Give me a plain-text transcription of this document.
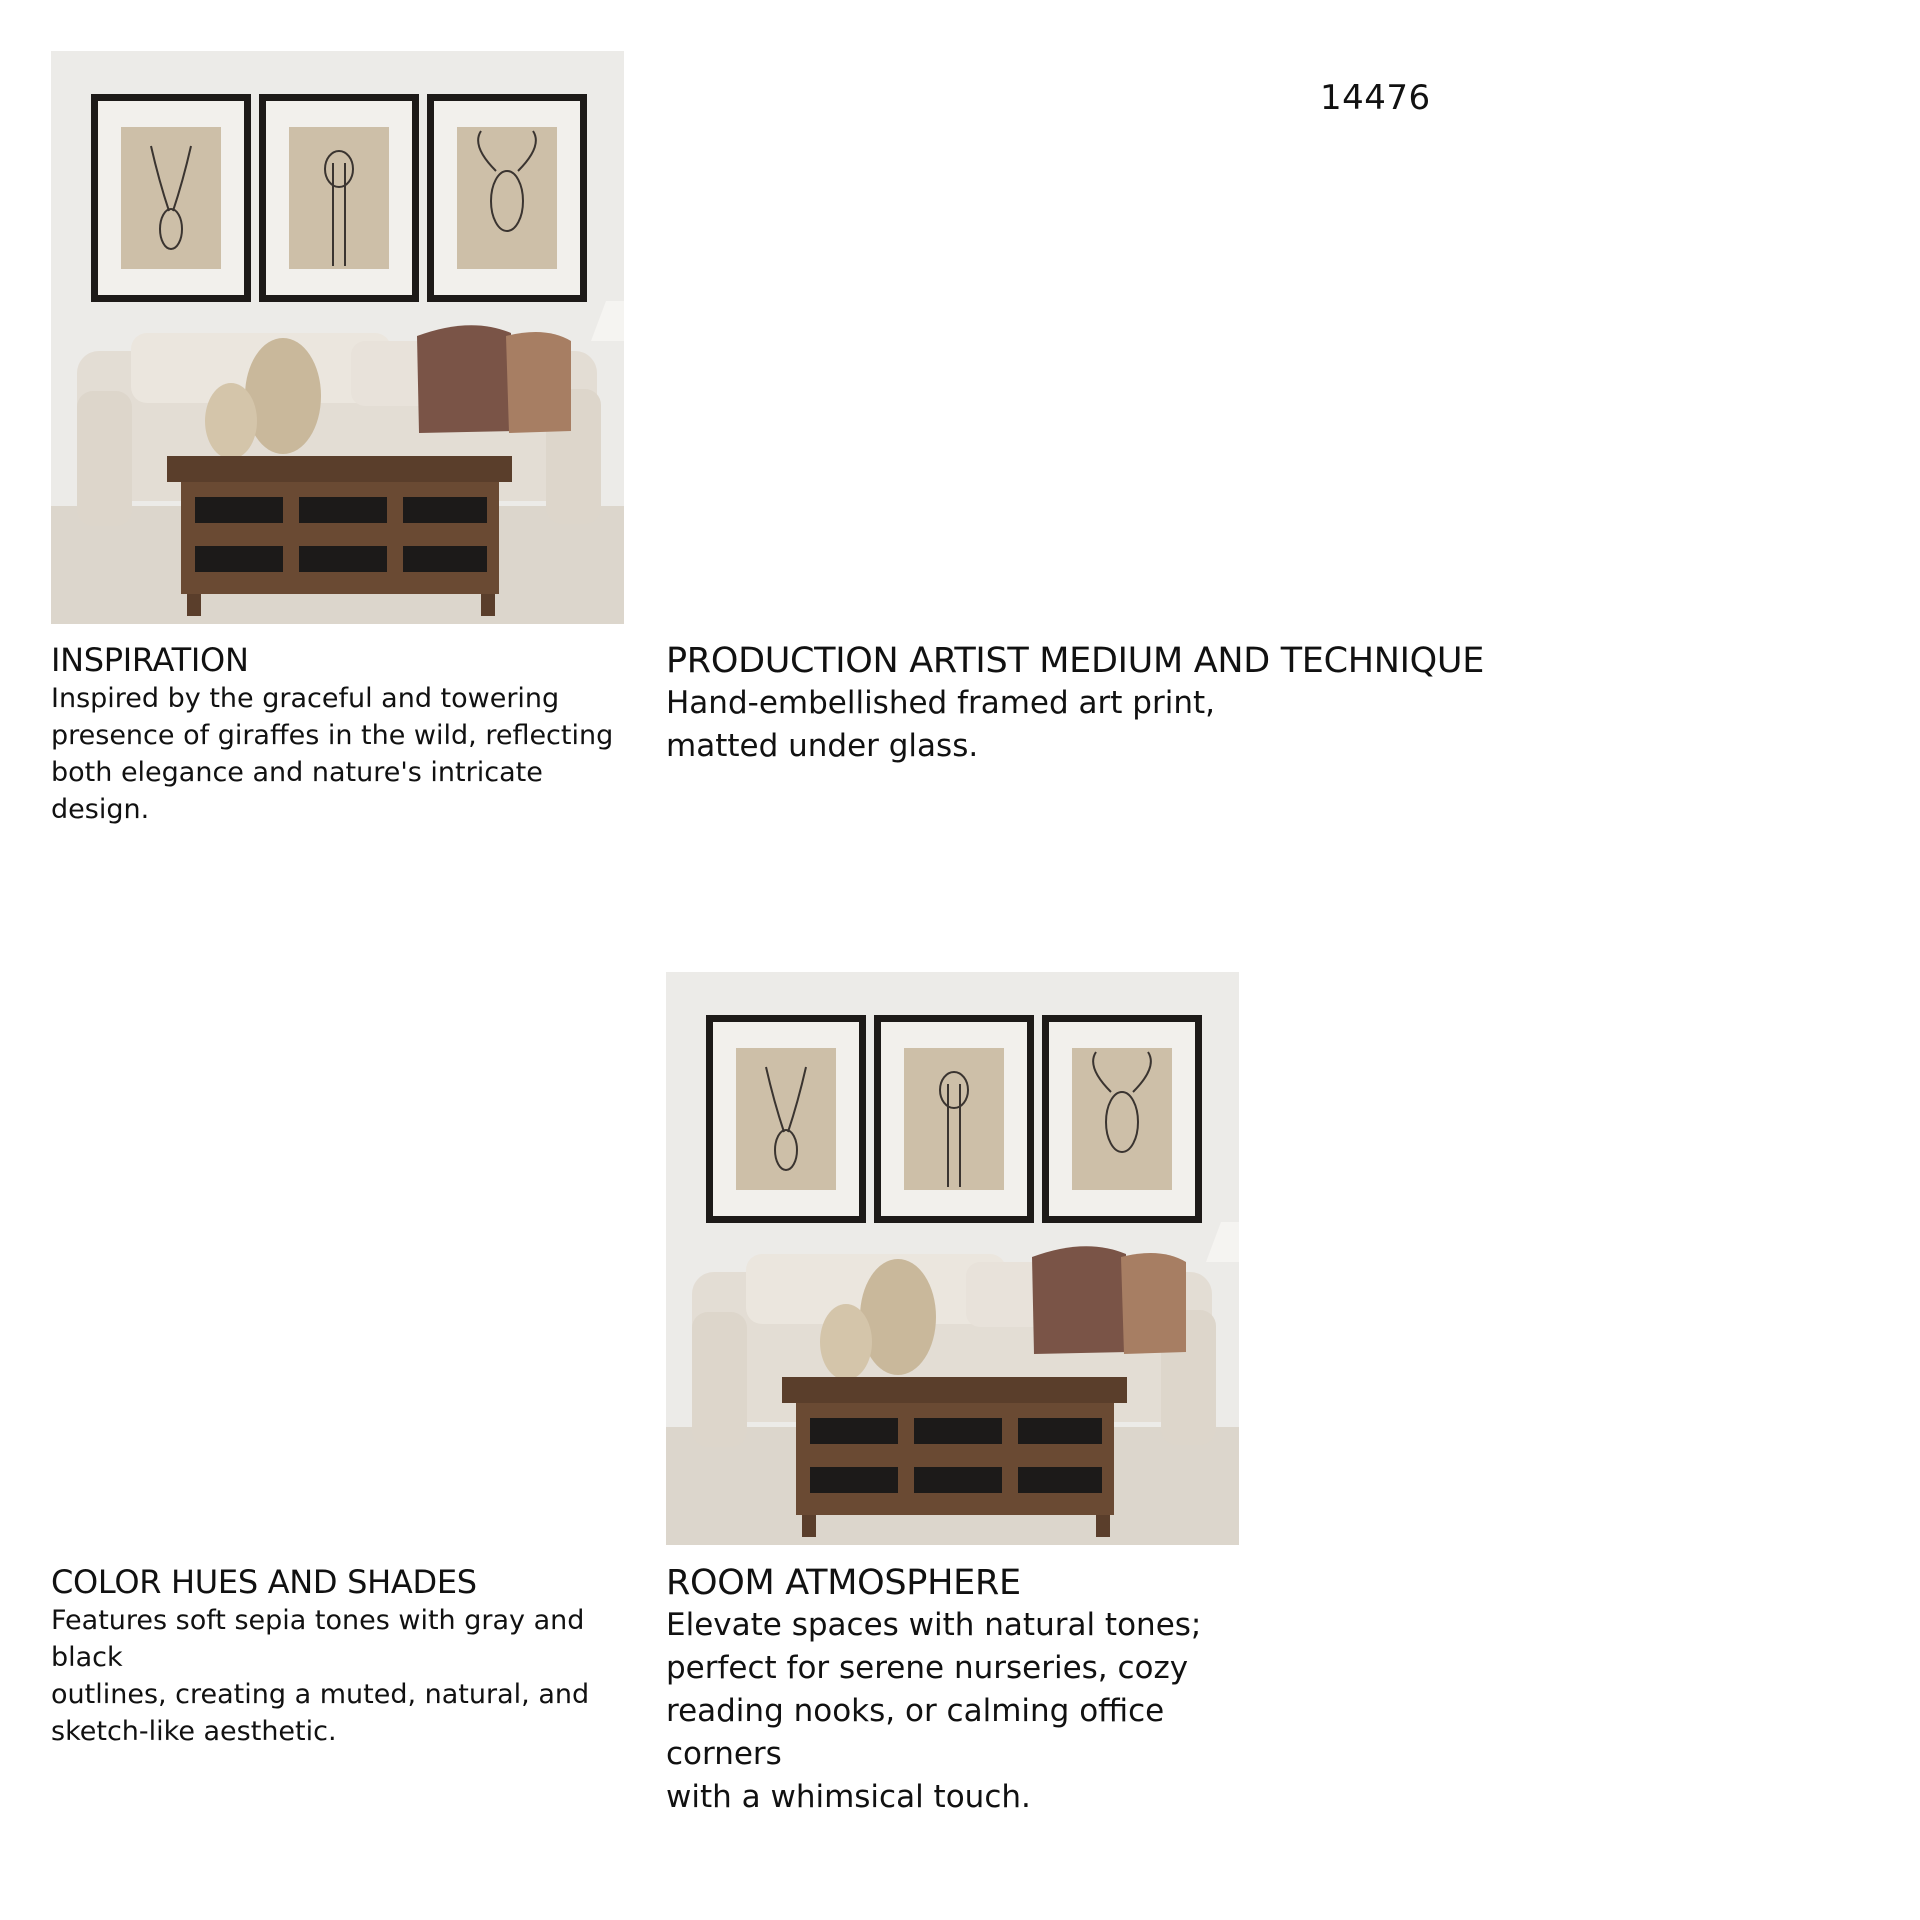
14476

INSPIRATION

Inspired by the graceful and towering
presence of giraffes in the wild, reflecting
both elegance and nature's intricate design.

PRODUCTION ARTIST MEDIUM AND TECHNIQUE

Hand-embellished framed art print,
matted under glass.

COLOR HUES AND SHADES

Features soft sepia tones with gray and black
outlines, creating a muted, natural, and
sketch-like aesthetic.

ROOM ATMOSPHERE

Elevate spaces with natural tones;
perfect for serene nurseries, cozy
reading nooks, or calming office corners
with a whimsical touch.
